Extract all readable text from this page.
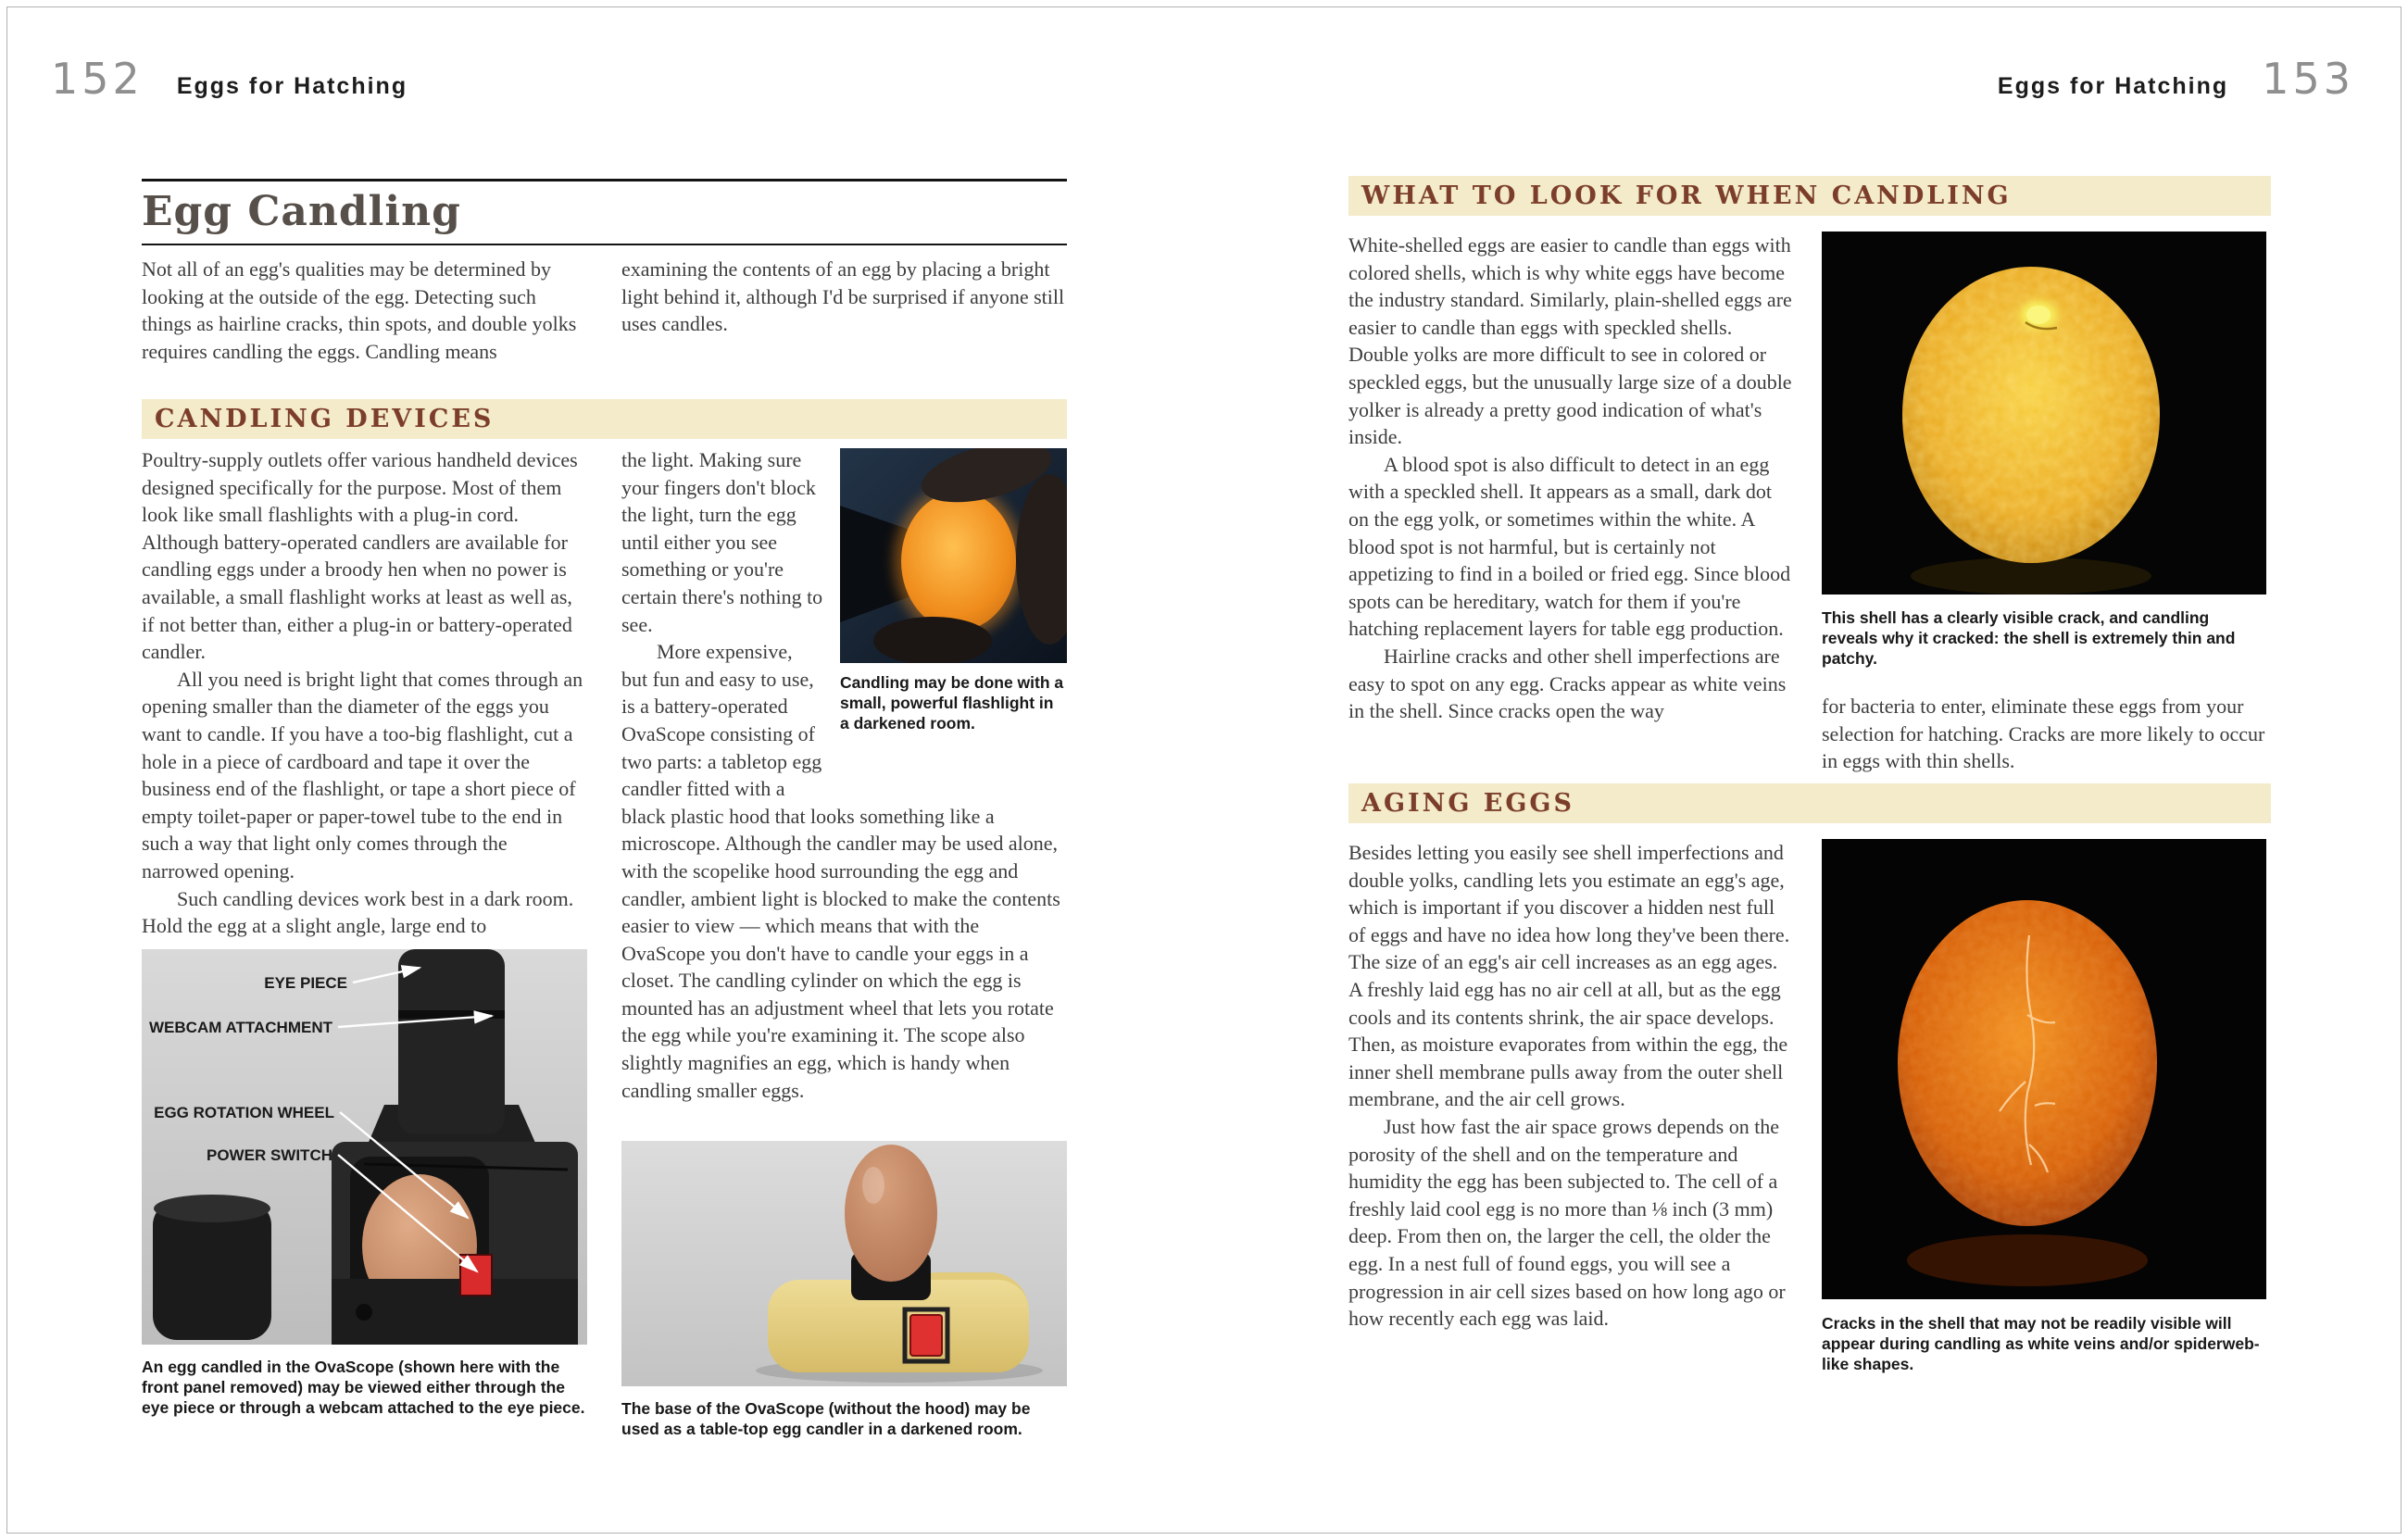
152 Eggs for Hatching
Egg Candling

Not all of an egg's qualities may be determined by looking at the outside of the egg. Detecting such things as hairline cracks, thin spots, and double yolks requires candling the eggs. Candling means

examining the contents of an egg by placing a bright light behind it, although I'd be surprised if anyone still uses candles.

CANDLING DEVICES

Poultry-supply outlets offer various handheld devices designed specifically for the purpose. Most of them look like small flashlights with a plug-in cord. Although battery-operated candlers are available for candling eggs under a broody hen when no power is available, a small flashlight works at least as well as, if not better than, either a plug-in or battery-operated candler.

All you need is bright light that comes through an opening smaller than the diameter of the eggs you want to candle. If you have a too-big flashlight, cut a hole in a piece of cardboard and tape it over the business end of the flashlight, or tape a short piece of empty toilet-paper or paper-towel tube to the end in such a way that light only comes through the narrowed opening.

Such candling devices work best in a dark room. Hold the egg at a slight angle, large end to

EYE PIECE
WEBCAM ATTACHMENT
EGG ROTATION WHEEL
POWER SWITCH
An egg candled in the OvaScope (shown here with the front panel removed) may be viewed either through the eye piece or through a webcam attached to the eye piece.
Candling may be done with a small, powerful flashlight in a darkened room.

the light. Making sure your fingers don't block the light, turn the egg until either you see something or you're certain there's nothing to see.

More expensive, but fun and easy to use, is a battery-operated OvaScope consisting of two parts: a tabletop egg candler fitted with a black plastic hood that looks something like a microscope. Although the candler may be used alone, with the scopelike hood surrounding the egg and candler, ambient light is blocked to make the contents easier to view — which means that with the OvaScope you don't have to candle your eggs in a closet. The candling cylinder on which the egg is mounted has an adjustment wheel that lets you rotate the egg while you're examining it. The scope also slightly magnifies an egg, which is handy when candling smaller eggs.

The base of the OvaScope (without the hood) may be used as a table-top egg candler in a darkened room.
Eggs for Hatching 153
WHAT TO LOOK FOR WHEN CANDLING

White-shelled eggs are easier to candle than eggs with colored shells, which is why white eggs have become the industry standard. Similarly, plain-shelled eggs are easier to candle than eggs with speckled shells. Double yolks are more difficult to see in colored or speckled eggs, but the unusually large size of a double yolker is already a pretty good indication of what's inside.

A blood spot is also difficult to detect in an egg with a speckled shell. It appears as a small, dark dot on the egg yolk, or sometimes within the white. A blood spot is not harmful, but is certainly not appetizing to find in a boiled or fried egg. Since blood spots can be hereditary, watch for them if you're hatching replacement layers for table egg production.

Hairline cracks and other shell imperfections are easy to spot on any egg. Cracks appear as white veins in the shell. Since cracks open the way

This shell has a clearly visible crack, and candling reveals why it cracked: the shell is extremely thin and patchy.

for bacteria to enter, eliminate these eggs from your selection for hatching. Cracks are more likely to occur in eggs with thin shells.

AGING EGGS

Besides letting you easily see shell imperfections and double yolks, candling lets you estimate an egg's age, which is important if you discover a hidden nest full of eggs and have no idea how long they've been there. The size of an egg's air cell increases as an egg ages. A freshly laid egg has no air cell at all, but as the egg cools and its contents shrink, the air space develops. Then, as moisture evaporates from within the egg, the inner shell membrane pulls away from the outer shell membrane, and the air cell grows.

Just how fast the air space grows depends on the porosity of the shell and on the temperature and humidity the egg has been subjected to. The cell of a freshly laid cool egg is no more than ⅛ inch (3 mm) deep. From then on, the larger the cell, the older the egg. In a nest full of found eggs, you will see a progression in air cell sizes based on how long ago or how recently each egg was laid.	Cracks in the shell that may not be readily visible will appear during candling as white veins and/or spiderweb-like shapes.
